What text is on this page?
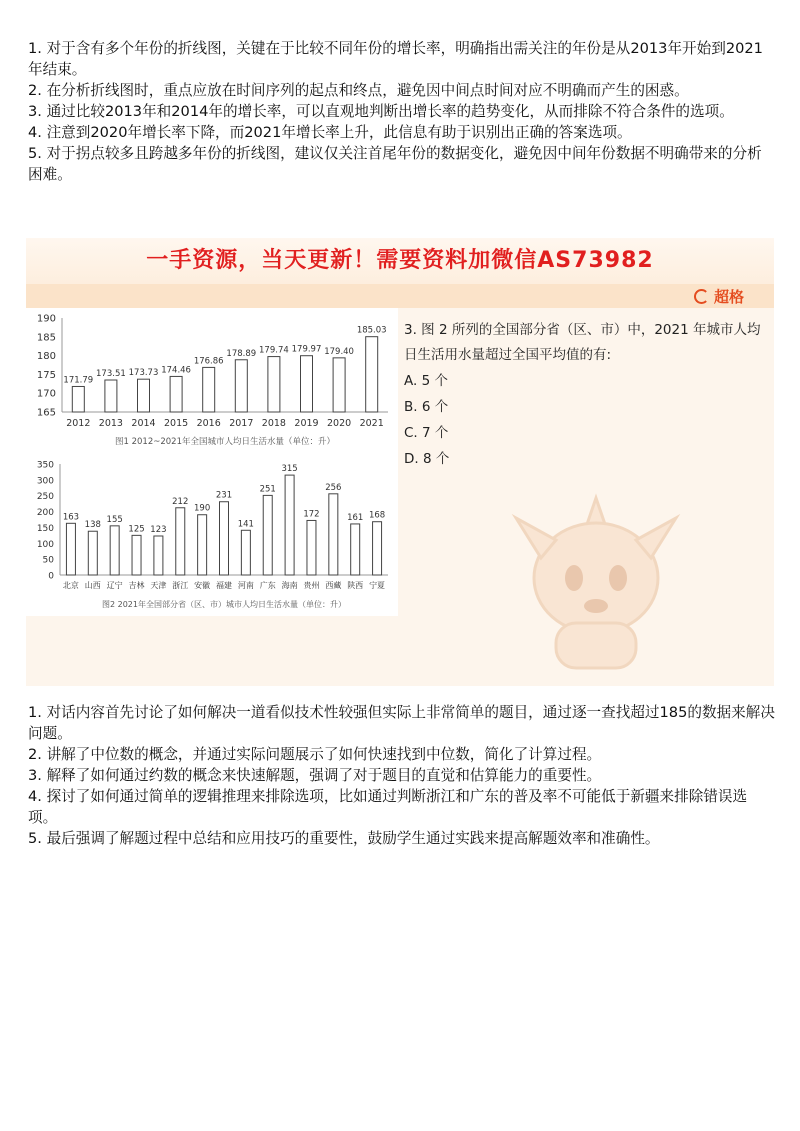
1. 对于含有多个年份的折线图，关键在于比较不同年份的增长率，明确指出需关注的年份是从2013年开始到2021年结束。

2. 在分析折线图时，重点应放在时间序列的起点和终点，避免因中间点时间对应不明确而产生的困惑。

3. 通过比较2013年和2014年的增长率，可以直观地判断出增长率的趋势变化，从而排除不符合条件的选项。

4. 注意到2020年增长率下降，而2021年增长率上升，此信息有助于识别出正确的答案选项。

5. 对于拐点较多且跨越多年份的折线图，建议仅关注首尾年份的数据变化，避免因中间年份数据不明确带来的分析困难。

一手资源，当天更新！需要资料加微信AS73982
超格
165
170
175
180
185
190
171.79
2012
173.51
2013
173.73
2014
174.46
2015
176.86
2016
178.89
2017
179.74
2018
179.97
2019
179.40
2020
185.03
2021
图1 2012~2021年全国城市人均日生活水量（单位：升）
0
50
100
150
200
250
300
350
163
北京
138
山西
155
辽宁
125
吉林
123
天津
212
浙江
190
安徽
231
福建
141
河南
251
广东
315
海南
172
贵州
256
西藏
161
陕西
168
宁夏
图2 2021年全国部分省（区、市）城市人均日生活水量（单位：升）

3. 图 2 所列的全国部分省（区、市）中，2021 年城市人均日生活用水量超过全国平均值的有:

A. 5 个

B. 6 个

C. 7 个

D. 8 个

1. 对话内容首先讨论了如何解决一道看似技术性较强但实际上非常简单的题目，通过逐一查找超过185的数据来解决问题。

2. 讲解了中位数的概念，并通过实际问题展示了如何快速找到中位数，简化了计算过程。

3. 解释了如何通过约数的概念来快速解题，强调了对于题目的直觉和估算能力的重要性。

4. 探讨了如何通过简单的逻辑推理来排除选项，比如通过判断浙江和广东的普及率不可能低于新疆来排除错误选项。

5. 最后强调了解题过程中总结和应用技巧的重要性，鼓励学生通过实践来提高解题效率和准确性。
